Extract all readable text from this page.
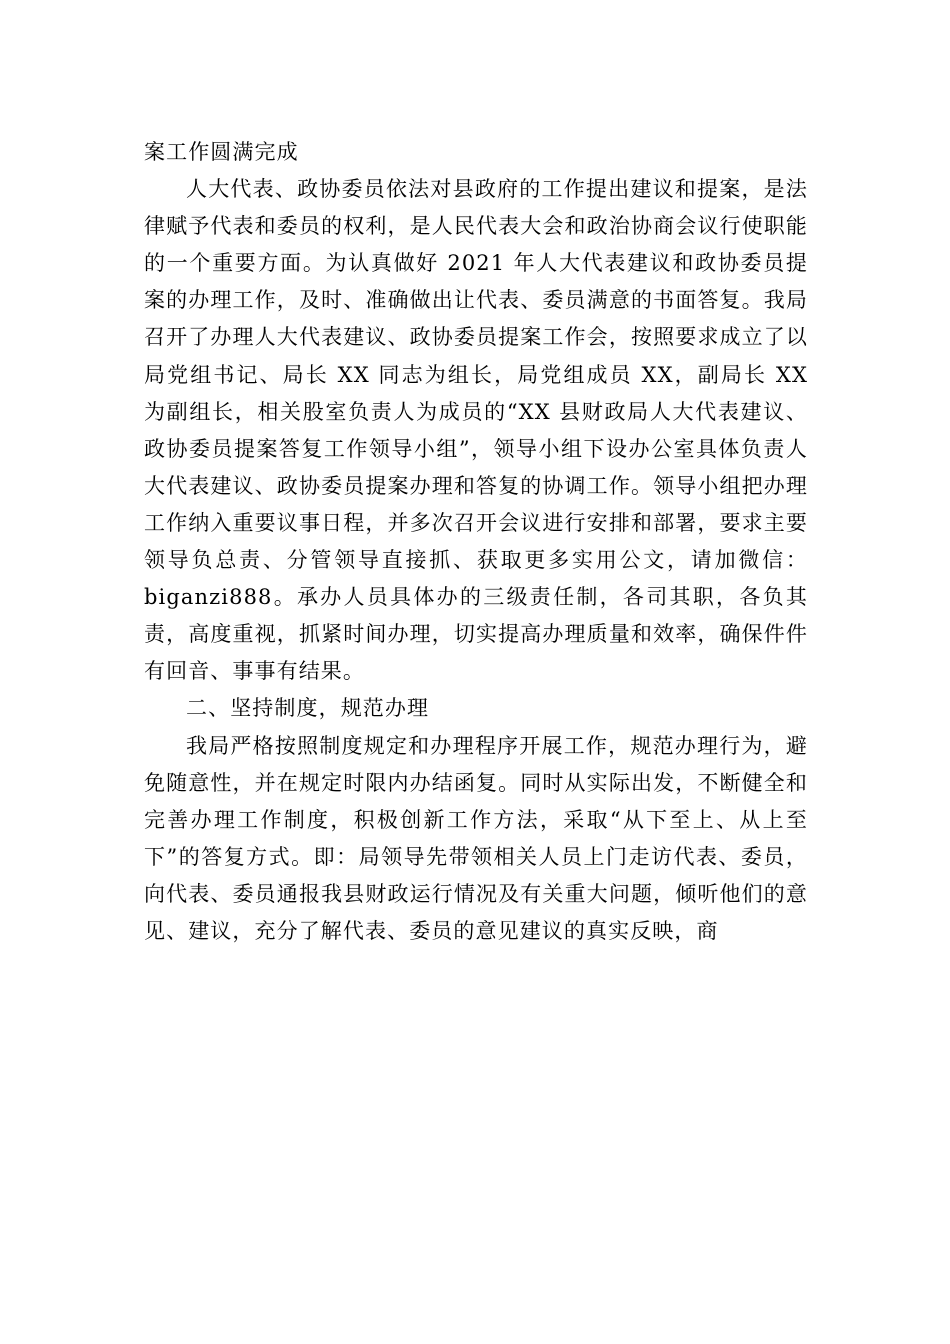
案工作圆满完成

人大代表、政协委员依法对县政府的工作提出建议和提案，是法律赋予代表和委员的权利，是人民代表大会和政治协商会议行使职能的一个重要方面。为认真做好 2021 年人大代表建议和政协委员提案的办理工作，及时、准确做出让代表、委员满意的书面答复。我局召开了办理人大代表建议、政协委员提案工作会，按照要求成立了以局党组书记、局长 XX 同志为组长，局党组成员 XX，副局长 XX 为副组长，相关股室负责人为成员的“XX 县财政局人大代表建议、政协委员提案答复工作领导小组”，领导小组下设办公室具体负责人大代表建议、政协委员提案办理和答复的协调工作。领导小组把办理工作纳入重要议事日程，并多次召开会议进行安排和部署，要求主要领导负总责、分管领导直接抓、获取更多实用公文，请加微信：biganzi888。承办人员具体办的三级责任制，各司其职，各负其责，高度重视，抓紧时间办理，切实提高办理质量和效率，确保件件有回音、事事有结果。

二、坚持制度，规范办理

我局严格按照制度规定和办理程序开展工作，规范办理行为，避免随意性，并在规定时限内办结函复。同时从实际出发，不断健全和完善办理工作制度，积极创新工作方法，采取“从下至上、从上至下”的答复方式。即：局领导先带领相关人员上门走访代表、委员，向代表、委员通报我县财政运行情况及有关重大问题，倾听他们的意见、建议，充分了解代表、委员的意见建议的真实反映，商
